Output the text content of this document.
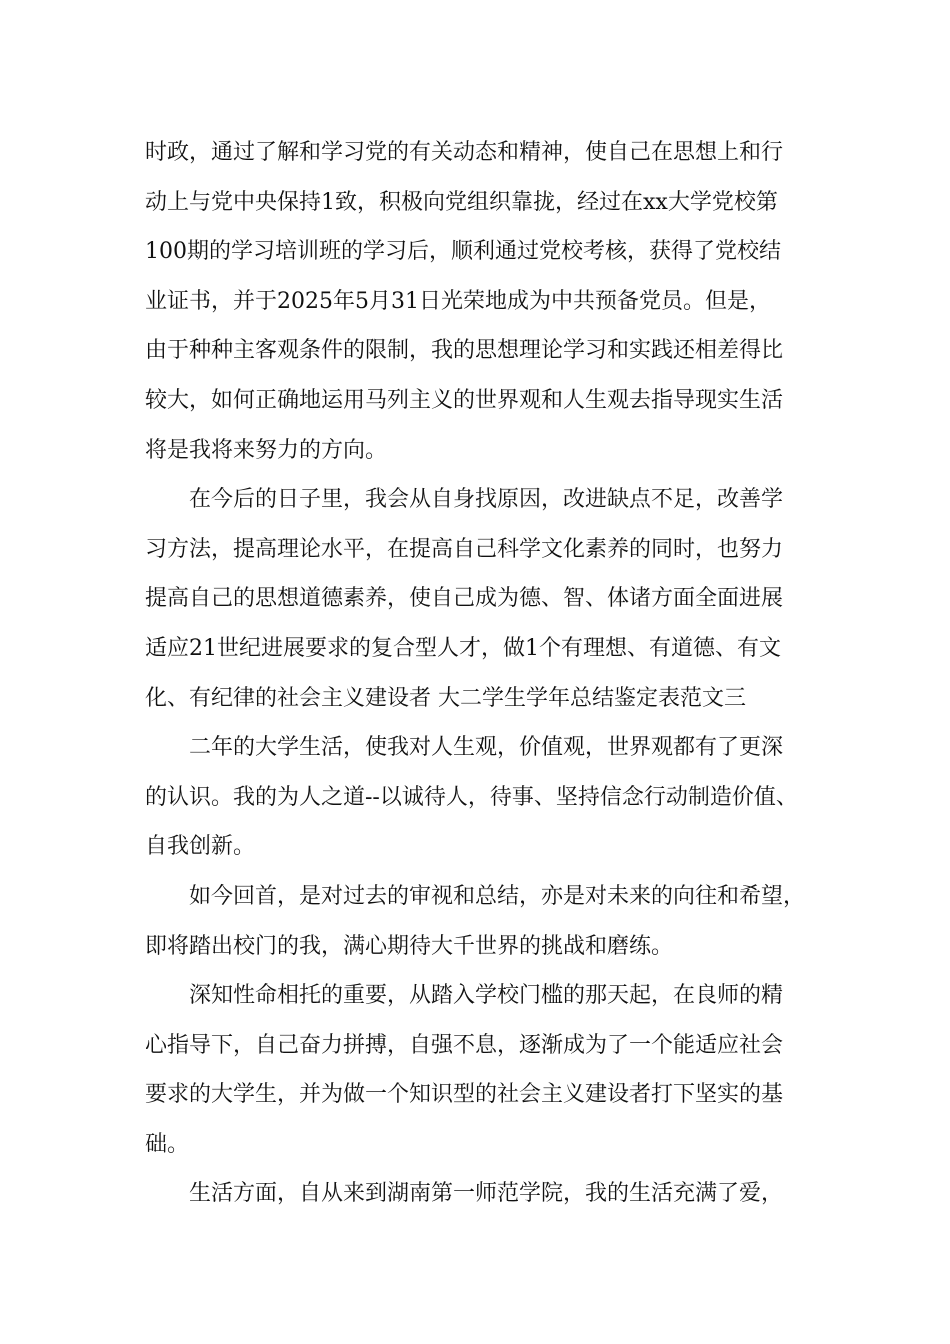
时政，通过了解和学习党的有关动态和精神，使自己在思想上和行
动上与党中央保持1致，积极向党组织靠拢，经过在xx大学党校第
100期的学习培训班的学习后，顺利通过党校考核，获得了党校结
业证书，并于2025年5月31日光荣地成为中共预备党员。但是，
由于种种主客观条件的限制，我的思想理论学习和实践还相差得比
较大，如何正确地运用马列主义的世界观和人生观去指导现实生活
将是我将来努力的方向。
在今后的日子里，我会从自身找原因，改进缺点不足，改善学
习方法，提高理论水平，在提高自己科学文化素养的同时，也努力
提高自己的思想道德素养，使自己成为德、智、体诸方面全面进展
适应21世纪进展要求的复合型人才，做1个有理想、有道德、有文
化、有纪律的社会主义建设者 大二学生学年总结鉴定表范文三
二年的大学生活，使我对人生观，价值观，世界观都有了更深
的认识。我的为人之道--以诚待人，待事、坚持信念行动制造价值、
自我创新。
如今回首，是对过去的审视和总结，亦是对未来的向往和希望，
即将踏出校门的我，满心期待大千世界的挑战和磨练。
深知性命相托的重要，从踏入学校门槛的那天起，在良师的精
心指导下，自己奋力拼搏，自强不息，逐渐成为了一个能适应社会
要求的大学生，并为做一个知识型的社会主义建设者打下坚实的基
础。
生活方面，自从来到湖南第一师范学院，我的生活充满了爱，
